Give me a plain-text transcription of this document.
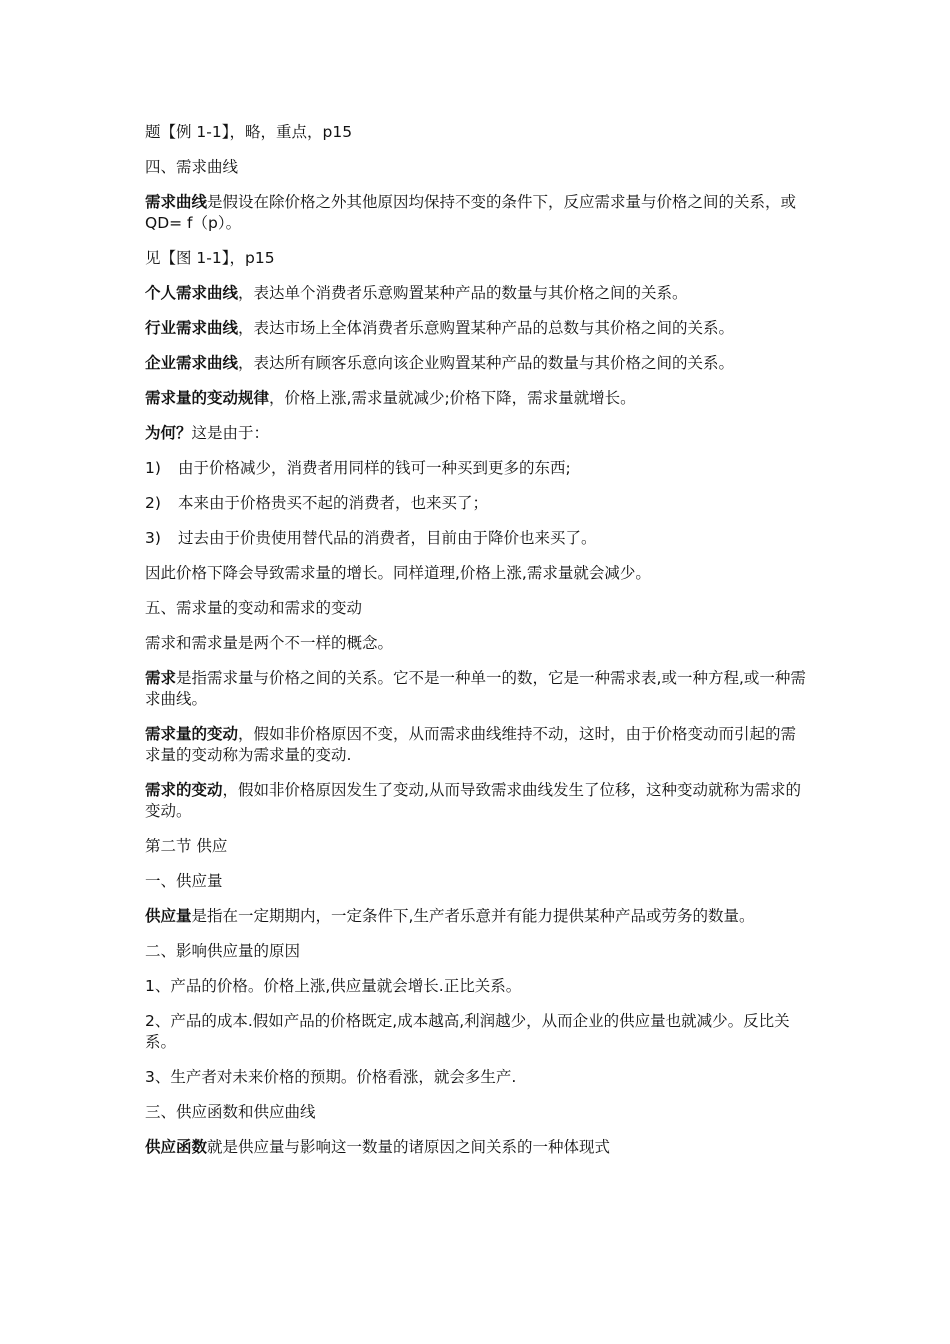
题【例 1-1】，略，重点，p15

四、需求曲线

需求曲线是假设在除价格之外其他原因均保持不变的条件下，反应需求量与价格之间的关系，或 QD= f（p）。

见【图 1-1】，p15

个人需求曲线，表达单个消费者乐意购置某种产品的数量与其价格之间的关系。

行业需求曲线，表达市场上全体消费者乐意购置某种产品的总数与其价格之间的关系。

企业需求曲线，表达所有顾客乐意向该企业购置某种产品的数量与其价格之间的关系。

需求量的变动规律，价格上涨,需求量就减少;价格下降，需求量就增长。

为何？这是由于：

1)	由于价格减少，消费者用同样的钱可一种买到更多的东西;
2)	本来由于价格贵买不起的消费者，也来买了；
3)	过去由于价贵使用替代品的消费者，目前由于降价也来买了。

因此价格下降会导致需求量的增长。同样道理,价格上涨,需求量就会减少。

五、需求量的变动和需求的变动

需求和需求量是两个不一样的概念。

需求是指需求量与价格之间的关系。它不是一种单一的数，它是一种需求表,或一种方程,或一种需求曲线。

需求量的变动，假如非价格原因不变，从而需求曲线维持不动，这时，由于价格变动而引起的需求量的变动称为需求量的变动.

需求的变动，假如非价格原因发生了变动,从而导致需求曲线发生了位移，这种变动就称为需求的变动。

第二节 供应

一、供应量

供应量是指在一定期期内，一定条件下,生产者乐意并有能力提供某种产品或劳务的数量。

二、影响供应量的原因

1、产品的价格。价格上涨,供应量就会增长.正比关系。

2、产品的成本.假如产品的价格既定,成本越高,利润越少，从而企业的供应量也就减少。反比关系。

3、生产者对未来价格的预期。价格看涨，就会多生产.

三、供应函数和供应曲线

供应函数就是供应量与影响这一数量的诸原因之间关系的一种体现式
